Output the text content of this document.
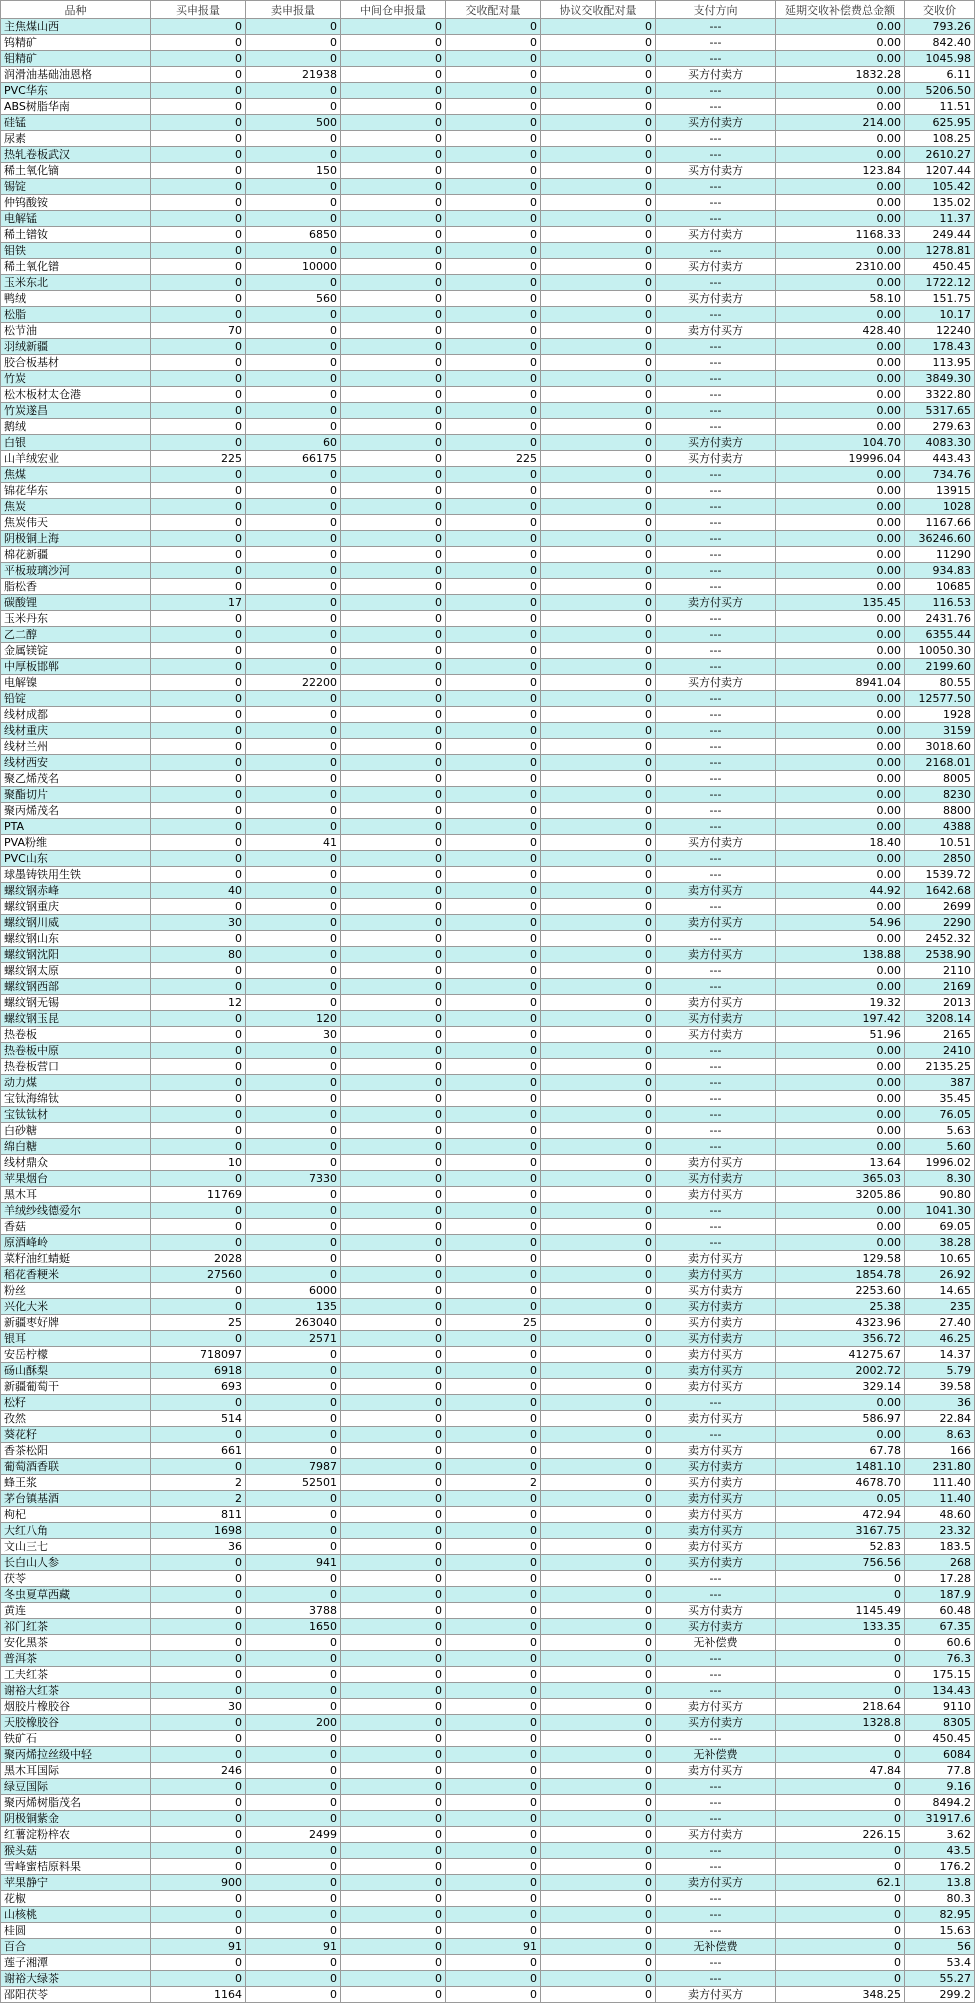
品种	买申报量	卖申报量	中间仓申报量	交收配对量	协议交收配对量	支付方向	延期交收补偿费总金额	交收价
主焦煤山西	0	0	0	0	0	---	0.00	793.26
钨精矿	0	0	0	0	0	---	0.00	842.40
钼精矿	0	0	0	0	0	---	0.00	1045.98
润滑油基础油恩格	0	21938	0	0	0	买方付卖方	1832.28	6.11
PVC华东	0	0	0	0	0	---	0.00	5206.50
ABS树脂华南	0	0	0	0	0	---	0.00	11.51
硅锰	0	500	0	0	0	买方付卖方	214.00	625.95
尿素	0	0	0	0	0	---	0.00	108.25
热轧卷板武汉	0	0	0	0	0	---	0.00	2610.27
稀土氧化镝	0	150	0	0	0	买方付卖方	123.84	1207.44
锡锭	0	0	0	0	0	---	0.00	105.42
仲钨酸铵	0	0	0	0	0	---	0.00	135.02
电解锰	0	0	0	0	0	---	0.00	11.37
稀土镨钕	0	6850	0	0	0	买方付卖方	1168.33	249.44
钼铁	0	0	0	0	0	---	0.00	1278.81
稀土氧化镨	0	10000	0	0	0	买方付卖方	2310.00	450.45
玉米东北	0	0	0	0	0	---	0.00	1722.12
鸭绒	0	560	0	0	0	买方付卖方	58.10	151.75
松脂	0	0	0	0	0	---	0.00	10.17
松节油	70	0	0	0	0	卖方付买方	428.40	12240
羽绒新疆	0	0	0	0	0	---	0.00	178.43
胶合板基材	0	0	0	0	0	---	0.00	113.95
竹炭	0	0	0	0	0	---	0.00	3849.30
松木板材太仓港	0	0	0	0	0	---	0.00	3322.80
竹炭遂昌	0	0	0	0	0	---	0.00	5317.65
鹅绒	0	0	0	0	0	---	0.00	279.63
白银	0	60	0	0	0	买方付卖方	104.70	4083.30
山羊绒宏业	225	66175	0	225	0	买方付卖方	19996.04	443.43
焦煤	0	0	0	0	0	---	0.00	734.76
锦花华东	0	0	0	0	0	---	0.00	13915
焦炭	0	0	0	0	0	---	0.00	1028
焦炭伟天	0	0	0	0	0	---	0.00	1167.66
阴极铜上海	0	0	0	0	0	---	0.00	36246.60
棉花新疆	0	0	0	0	0	---	0.00	11290
平板玻璃沙河	0	0	0	0	0	---	0.00	934.83
脂松香	0	0	0	0	0	---	0.00	10685
碳酸锂	17	0	0	0	0	卖方付买方	135.45	116.53
玉米丹东	0	0	0	0	0	---	0.00	2431.76
乙二醇	0	0	0	0	0	---	0.00	6355.44
金属镁锭	0	0	0	0	0	---	0.00	10050.30
中厚板邯郸	0	0	0	0	0	---	0.00	2199.60
电解镍	0	22200	0	0	0	买方付卖方	8941.04	80.55
铅锭	0	0	0	0	0	---	0.00	12577.50
线材成都	0	0	0	0	0	---	0.00	1928
线材重庆	0	0	0	0	0	---	0.00	3159
线材兰州	0	0	0	0	0	---	0.00	3018.60
线材西安	0	0	0	0	0	---	0.00	2168.01
聚乙烯茂名	0	0	0	0	0	---	0.00	8005
聚酯切片	0	0	0	0	0	---	0.00	8230
聚丙烯茂名	0	0	0	0	0	---	0.00	8800
PTA	0	0	0	0	0	---	0.00	4388
PVA粉维	0	41	0	0	0	买方付卖方	18.40	10.51
PVC山东	0	0	0	0	0	---	0.00	2850
球墨铸铁用生铁	0	0	0	0	0	---	0.00	1539.72
螺纹钢赤峰	40	0	0	0	0	卖方付买方	44.92	1642.68
螺纹钢重庆	0	0	0	0	0	---	0.00	2699
螺纹钢川威	30	0	0	0	0	卖方付买方	54.96	2290
螺纹钢山东	0	0	0	0	0	---	0.00	2452.32
螺纹钢沈阳	80	0	0	0	0	卖方付买方	138.88	2538.90
螺纹钢太原	0	0	0	0	0	---	0.00	2110
螺纹钢西部	0	0	0	0	0	---	0.00	2169
螺纹钢无锡	12	0	0	0	0	卖方付买方	19.32	2013
螺纹钢玉昆	0	120	0	0	0	买方付卖方	197.42	3208.14
热卷板	0	30	0	0	0	买方付卖方	51.96	2165
热卷板中原	0	0	0	0	0	---	0.00	2410
热卷板营口	0	0	0	0	0	---	0.00	2135.25
动力煤	0	0	0	0	0	---	0.00	387
宝钛海绵钛	0	0	0	0	0	---	0.00	35.45
宝钛钛材	0	0	0	0	0	---	0.00	76.05
白砂糖	0	0	0	0	0	---	0.00	5.63
绵白糖	0	0	0	0	0	---	0.00	5.60
线材鼎众	10	0	0	0	0	卖方付买方	13.64	1996.02
苹果烟台	0	7330	0	0	0	买方付卖方	365.03	8.30
黑木耳	11769	0	0	0	0	卖方付买方	3205.86	90.80
羊绒纱线德爱尔	0	0	0	0	0	---	0.00	1041.30
香菇	0	0	0	0	0	---	0.00	69.05
原酒峰岭	0	0	0	0	0	---	0.00	38.28
菜籽油红蜻蜓	2028	0	0	0	0	卖方付买方	129.58	10.65
稻花香粳米	27560	0	0	0	0	卖方付买方	1854.78	26.92
粉丝	0	6000	0	0	0	买方付卖方	2253.60	14.65
兴化大米	0	135	0	0	0	买方付卖方	25.38	235
新疆枣好牌	25	263040	0	25	0	买方付卖方	4323.96	27.40
银耳	0	2571	0	0	0	买方付卖方	356.72	46.25
安岳柠檬	718097	0	0	0	0	卖方付买方	41275.67	14.37
砀山酥梨	6918	0	0	0	0	卖方付买方	2002.72	5.79
新疆葡萄干	693	0	0	0	0	卖方付买方	329.14	39.58
松籽	0	0	0	0	0	---	0.00	36
孜然	514	0	0	0	0	卖方付买方	586.97	22.84
葵花籽	0	0	0	0	0	---	0.00	8.63
香茶松阳	661	0	0	0	0	卖方付买方	67.78	166
葡萄酒香联	0	7987	0	0	0	买方付卖方	1481.10	231.80
蜂王浆	2	52501	0	2	0	买方付卖方	4678.70	111.40
茅台镇基酒	2	0	0	0	0	卖方付买方	0.05	11.40
枸杞	811	0	0	0	0	卖方付买方	472.94	48.60
大红八角	1698	0	0	0	0	卖方付买方	3167.75	23.32
文山三七	36	0	0	0	0	卖方付买方	52.83	183.5
长白山人参	0	941	0	0	0	买方付卖方	756.56	268
茯苓	0	0	0	0	0	---	0	17.28
冬虫夏草西藏	0	0	0	0	0	---	0	187.9
黄连	0	3788	0	0	0	买方付卖方	1145.49	60.48
祁门红茶	0	1650	0	0	0	买方付卖方	133.35	67.35
安化黑茶	0	0	0	0	0	无补偿费	0	60.6
普洱茶	0	0	0	0	0	---	0	76.3
工夫红茶	0	0	0	0	0	---	0	175.15
谢裕大红茶	0	0	0	0	0	---	0	134.43
烟胶片橡胶谷	30	0	0	0	0	卖方付买方	218.64	9110
天胶橡胶谷	0	200	0	0	0	买方付卖方	1328.8	8305
铁矿石	0	0	0	0	0	---	0	450.45
聚丙烯拉丝级中轻	0	0	0	0	0	无补偿费	0	6084
黑木耳国际	246	0	0	0	0	卖方付买方	47.84	77.8
绿豆国际	0	0	0	0	0	---	0	9.16
聚丙烯树脂茂名	0	0	0	0	0	---	0	8494.2
阴极铜紫金	0	0	0	0	0	---	0	31917.6
红薯淀粉梓农	0	2499	0	0	0	买方付卖方	226.15	3.62
猴头菇	0	0	0	0	0	---	0	43.5
雪峰蜜桔原料果	0	0	0	0	0	---	0	176.2
苹果静宁	900	0	0	0	0	卖方付买方	62.1	13.8
花椒	0	0	0	0	0	---	0	80.3
山核桃	0	0	0	0	0	---	0	82.95
桂圆	0	0	0	0	0	---	0	15.63
百合	91	91	0	91	0	无补偿费	0	56
莲子湘潭	0	0	0	0	0	---	0	53.4
谢裕大绿茶	0	0	0	0	0	---	0	55.27
邵阳茯苓	1164	0	0	0	0	卖方付买方	348.25	299.2
